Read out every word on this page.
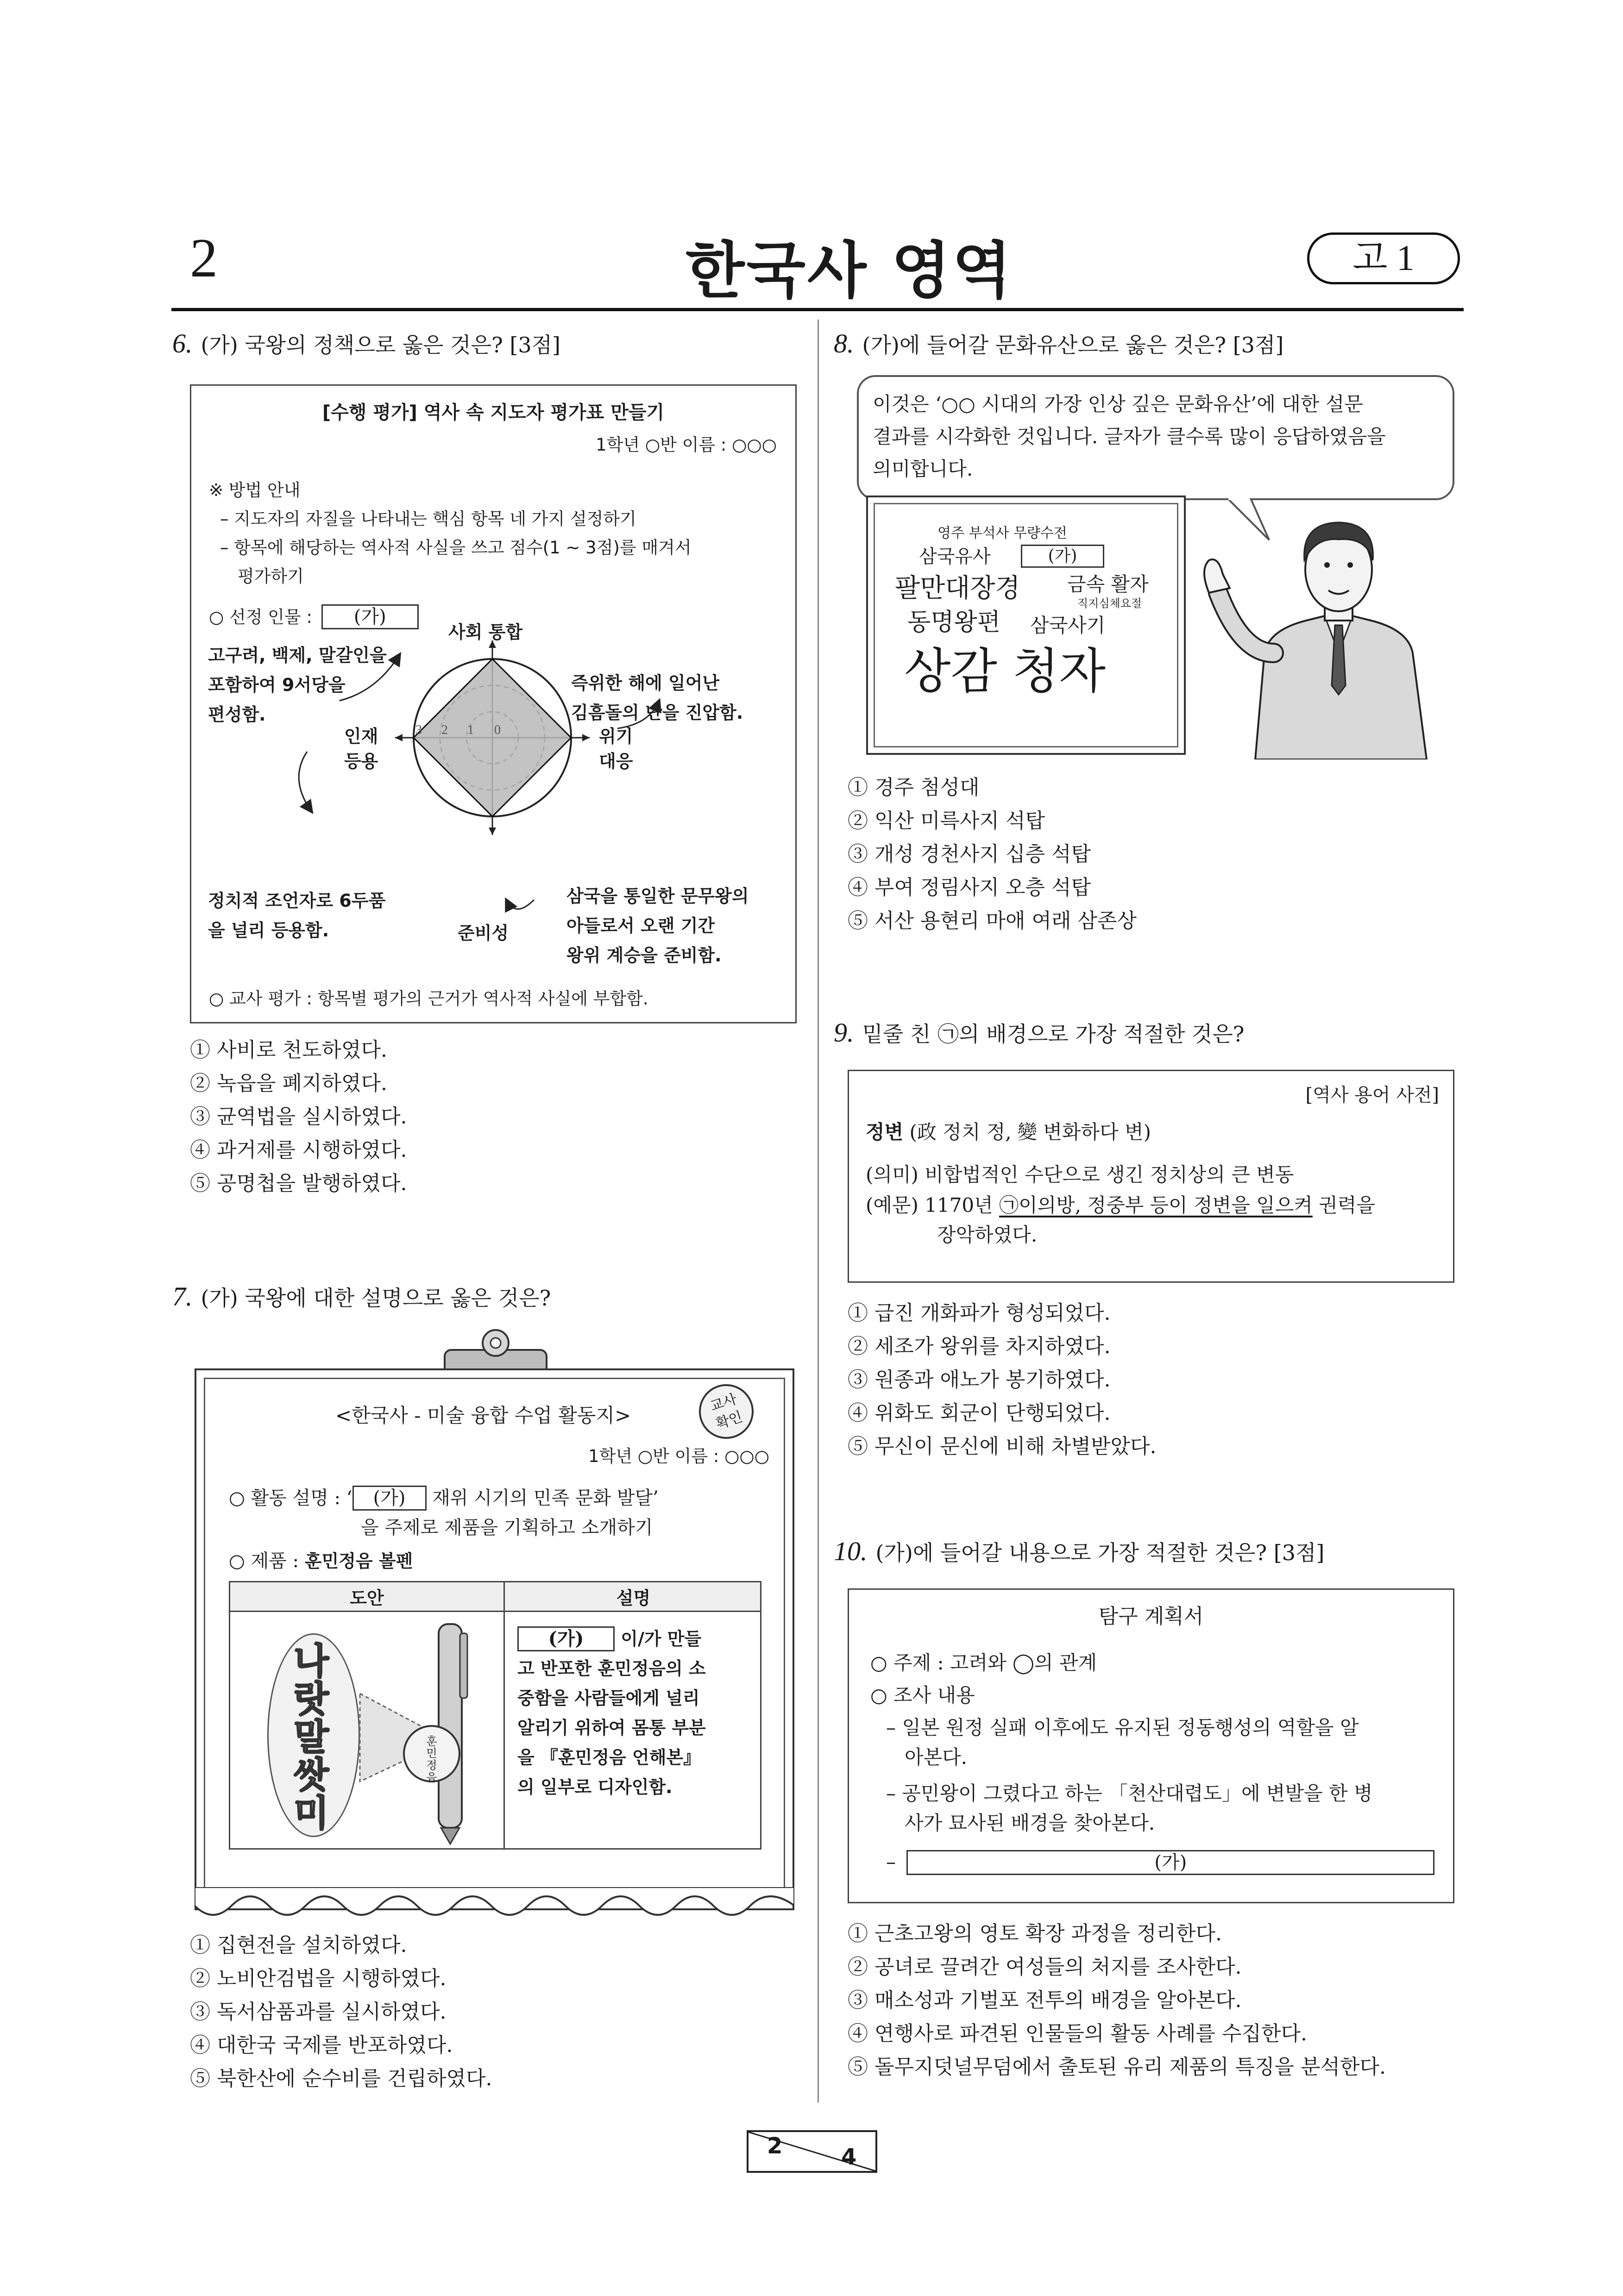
2	한국사 영역	고 1
6. (가) 국왕의 정책으로 옳은 것은? [3점]
[수행 평가] 역사 속 지도자 평가표 만들기
1학년 ○반 이름 : ○○○
※ 방법 안내
– 지도자의 자질을 나타내는 핵심 항목 네 가지 설정하기
– 항목에 해당하는 역사적 사실을 쓰고 점수(1 ~ 3점)를 매겨서
평가하기
○ 선정 인물 : (가)
3 2 1 0
사회 통합
위기
대응
준비성
인재
등용
고구려, 백제, 말갈인을
포함하여 9서당을
편성함.
즉위한 해에 일어난
김흠돌의 난을 진압함.
정치적 조언자로 6두품
을 널리 등용함.
삼국을 통일한 문무왕의
아들로서 오랜 기간
왕위 계승을 준비함.
○ 교사 평가 : 항목별 평가의 근거가 역사적 사실에 부합함.
① 사비로 천도하였다.
② 녹읍을 폐지하였다.
③ 균역법을 실시하였다.
④ 과거제를 시행하였다.
⑤ 공명첩을 발행하였다.
7. (가) 국왕에 대한 설명으로 옳은 것은?
<한국사 - 미술 융합 수업 활동지>
교사
확인
1학년 ○반 이름 : ○○○
○ 활동 설명 : ‘ (가) 재위 시기의 민족 문화 발달’
을 주제로 제품을 기획하고 소개하기
○ 제품 : 훈민정음 볼펜
도안	설명
나랏말쌋미
훈민정음
(가) 이/가 만들
고 반포한 훈민정음의 소
중함을 사람들에게 널리
알리기 위하여 몸통 부분
을 『훈민정음 언해본』
의 일부로 디자인함.
① 집현전을 설치하였다.
② 노비안검법을 시행하였다.
③ 독서삼품과를 실시하였다.
④ 대한국 국제를 반포하였다.
⑤ 북한산에 순수비를 건립하였다.
8. (가)에 들어갈 문화유산으로 옳은 것은? [3점]
이것은 ‘○○ 시대의 가장 인상 깊은 문화유산’에 대한 설문
결과를 시각화한 것입니다. 글자가 클수록 많이 응답하였음을
의미합니다.
영주 부석사 무량수전
삼국유사	(가)
팔만대장경 금속 활자
직지심체요절
동명왕편 삼국사기
상감 청자
① 경주 첨성대
② 익산 미륵사지 석탑
③ 개성 경천사지 십층 석탑
④ 부여 정림사지 오층 석탑
⑤ 서산 용현리 마애 여래 삼존상
9. 밑줄 친 ㉠의 배경으로 가장 적절한 것은?
[역사 용어 사전]
정변 (政 정치 정, 變 변화하다 변)
(의미) 비합법적인 수단으로 생긴 정치상의 큰 변동
(예문) 1170년 ㉠이의방, 정중부 등이 정변을 일으켜 권력을
장악하였다.
① 급진 개화파가 형성되었다.
② 세조가 왕위를 차지하였다.
③ 원종과 애노가 봉기하였다.
④ 위화도 회군이 단행되었다.
⑤ 무신이 문신에 비해 차별받았다.
10. (가)에 들어갈 내용으로 가장 적절한 것은? [3점]
탐구 계획서
○ 주제 : 고려와 ◯의 관계
○ 조사 내용
– 일본 원정 실패 이후에도 유지된 정동행성의 역할을 알
아본다.
– 공민왕이 그렸다고 하는 「천산대렵도」에 변발을 한 병
사가 묘사된 배경을 찾아본다.
–	(가)
① 근초고왕의 영토 확장 과정을 정리한다.
② 공녀로 끌려간 여성들의 처지를 조사한다.
③ 매소성과 기벌포 전투의 배경을 알아본다.
④ 연행사로 파견된 인물들의 활동 사례를 수집한다.
⑤ 돌무지덧널무덤에서 출토된 유리 제품의 특징을 분석한다.
2	4
